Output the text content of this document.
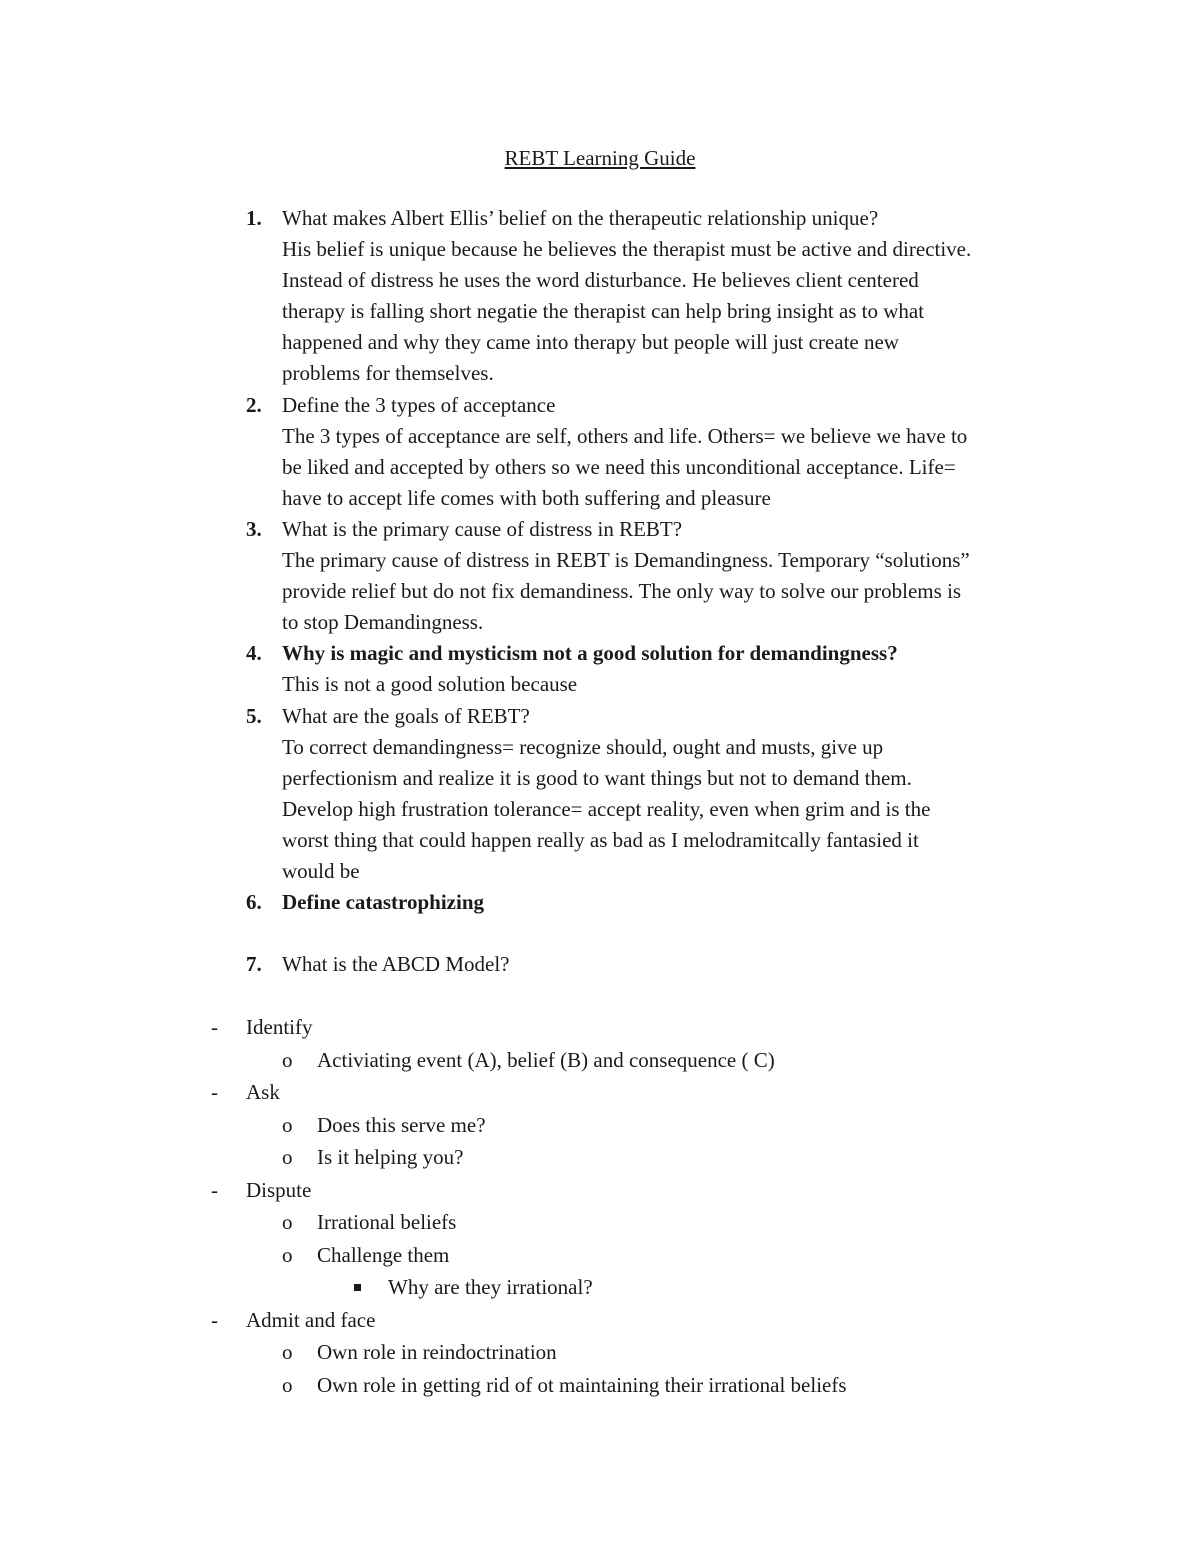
REBT Learning Guide
1. What makes Albert Ellis’ belief on the therapeutic relationship unique?
His belief is unique because he believes the therapist must be active and directive.
Instead of distress he uses the word disturbance. He believes client centered
therapy is falling short negatie the therapist can help bring insight as to what
happened and why they came into therapy but people will just create new
problems for themselves.
2. Define the 3 types of acceptance
The 3 types of acceptance are self, others and life. Others= we believe we have to
be liked and accepted by others so we need this unconditional acceptance. Life=
have to accept life comes with both suffering and pleasure
3. What is the primary cause of distress in REBT?
The primary cause of distress in REBT is Demandingness. Temporary “solutions”
provide relief but do not fix demandiness. The only way to solve our problems is
to stop Demandingness.
4. Why is magic and mysticism not a good solution for demandingness?
This is not a good solution because
5. What are the goals of REBT?
To correct demandingness= recognize should, ought and musts, give up
perfectionism and realize it is good to want things but not to demand them.
Develop high frustration tolerance= accept reality, even when grim and is the
worst thing that could happen really as bad as I melodramitcally fantasied it
would be
6. Define catastrophizing
7. What is the ABCD Model?
- Identify
o Activiating event (A), belief (B) and consequence ( C)
- Ask
o Does this serve me?
o Is it helping you?
- Dispute
o Irrational beliefs
o Challenge them
Why are they irrational?
- Admit and face
o Own role in reindoctrination
o Own role in getting rid of ot maintaining their irrational beliefs
